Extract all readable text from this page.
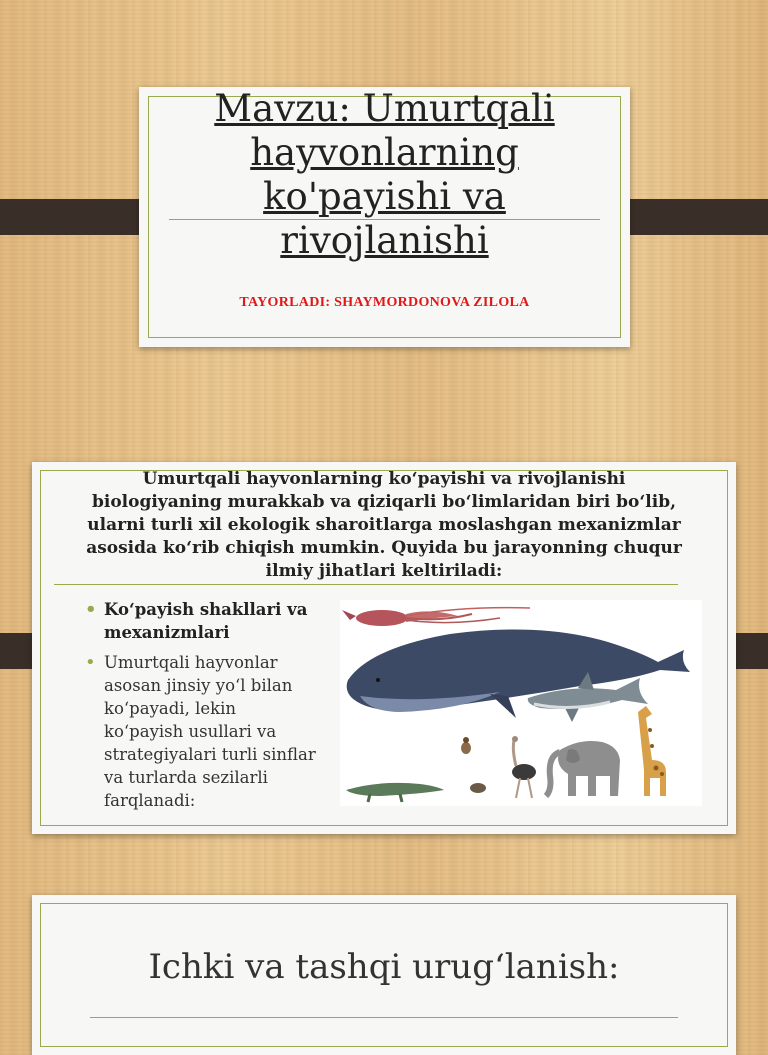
Mavzu: Umurtqali hayvonlarning ko'payishi va rivojlanishi
TAYORLADI: SHAYMORDONOVA ZILOLA
Umurtqali hayvonlarning ko‘payishi va rivojlanishi biologiyaning murakkab va qiziqarli bo‘limlaridan biri bo‘lib, ularni turli xil ekologik sharoitlarga moslashgan mexanizmlar asosida ko‘rib chiqish mumkin. Quyida bu jarayonning chuqur ilmiy jihatlari keltiriladi:
• Ko‘payish shakllari va mexanizmlari
• Umurtqali hayvonlar asosan jinsiy yo‘l bilan ko‘payadi, lekin ko‘payish usullari va strategiyalari turli sinflar va turlarda sezilarli farqlanadi:
Ichki va tashqi urug‘lanish:
